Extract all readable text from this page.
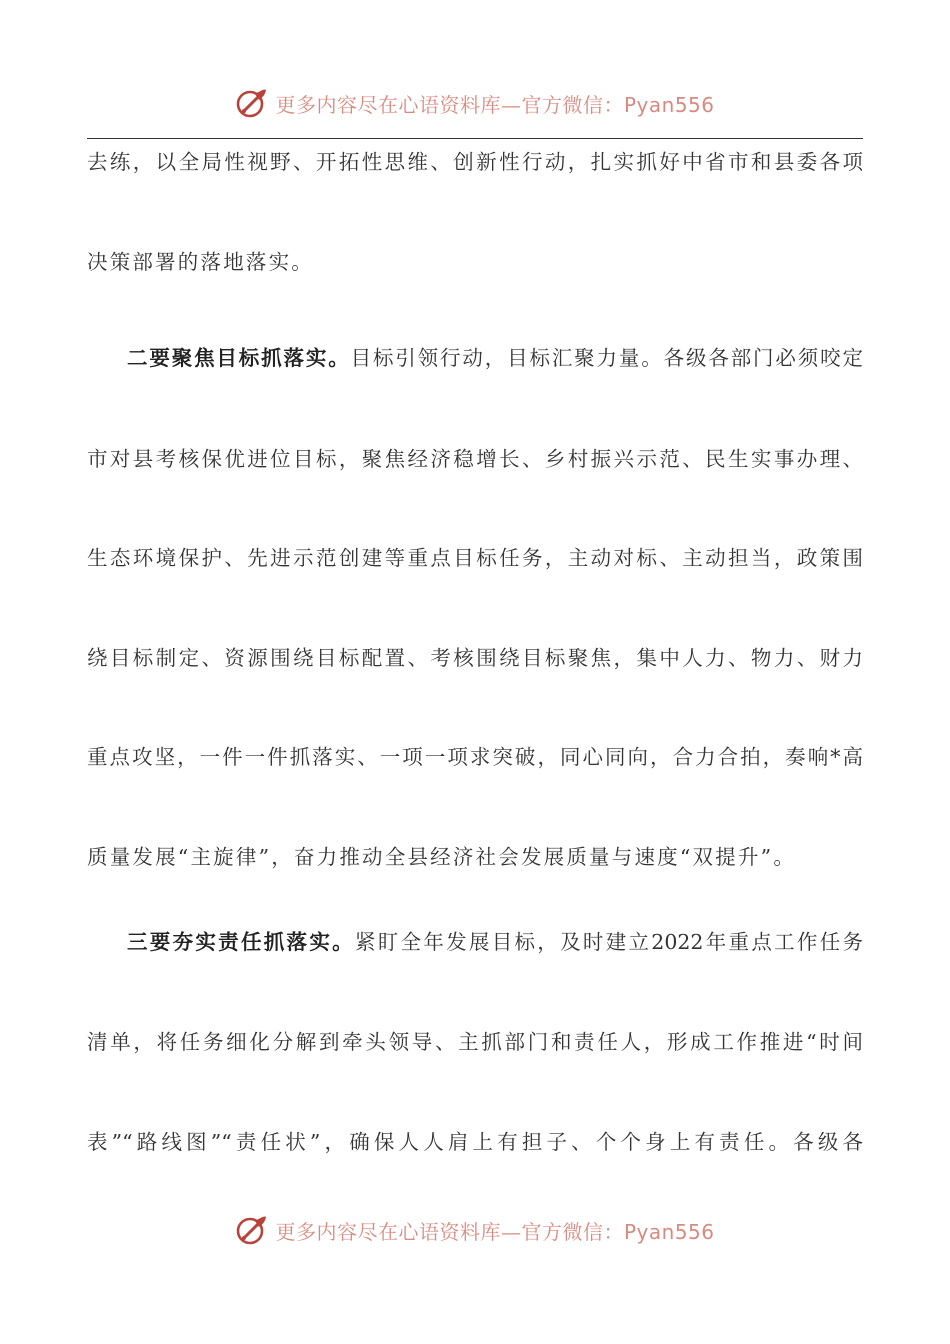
更多内容尽在心语资料库—官方微信：Pyan556
去练，以全局性视野、开拓性思维、创新性行动，扎实抓好中省市和县委各项
决策部署的落地落实。
二要聚焦目标抓落实。目标引领行动，目标汇聚力量。各级各部门必须咬定
市对县考核保优进位目标，聚焦经济稳增长、乡村振兴示范、民生实事办理、
生态环境保护、先进示范创建等重点目标任务，主动对标、主动担当，政策围
绕目标制定、资源围绕目标配置、考核围绕目标聚焦，集中人力、物力、财力
重点攻坚，一件一件抓落实、一项一项求突破，同心同向，合力合拍，奏响*高
质量发展“主旋律”，奋力推动全县经济社会发展质量与速度“双提升”。
三要夯实责任抓落实。紧盯全年发展目标，及时建立2022年重点工作任务
清单，将任务细化分解到牵头领导、主抓部门和责任人，形成工作推进“时间
表”“路线图”“责任状”，确保人人肩上有担子、个个身上有责任。各级各
更多内容尽在心语资料库—官方微信：Pyan556
